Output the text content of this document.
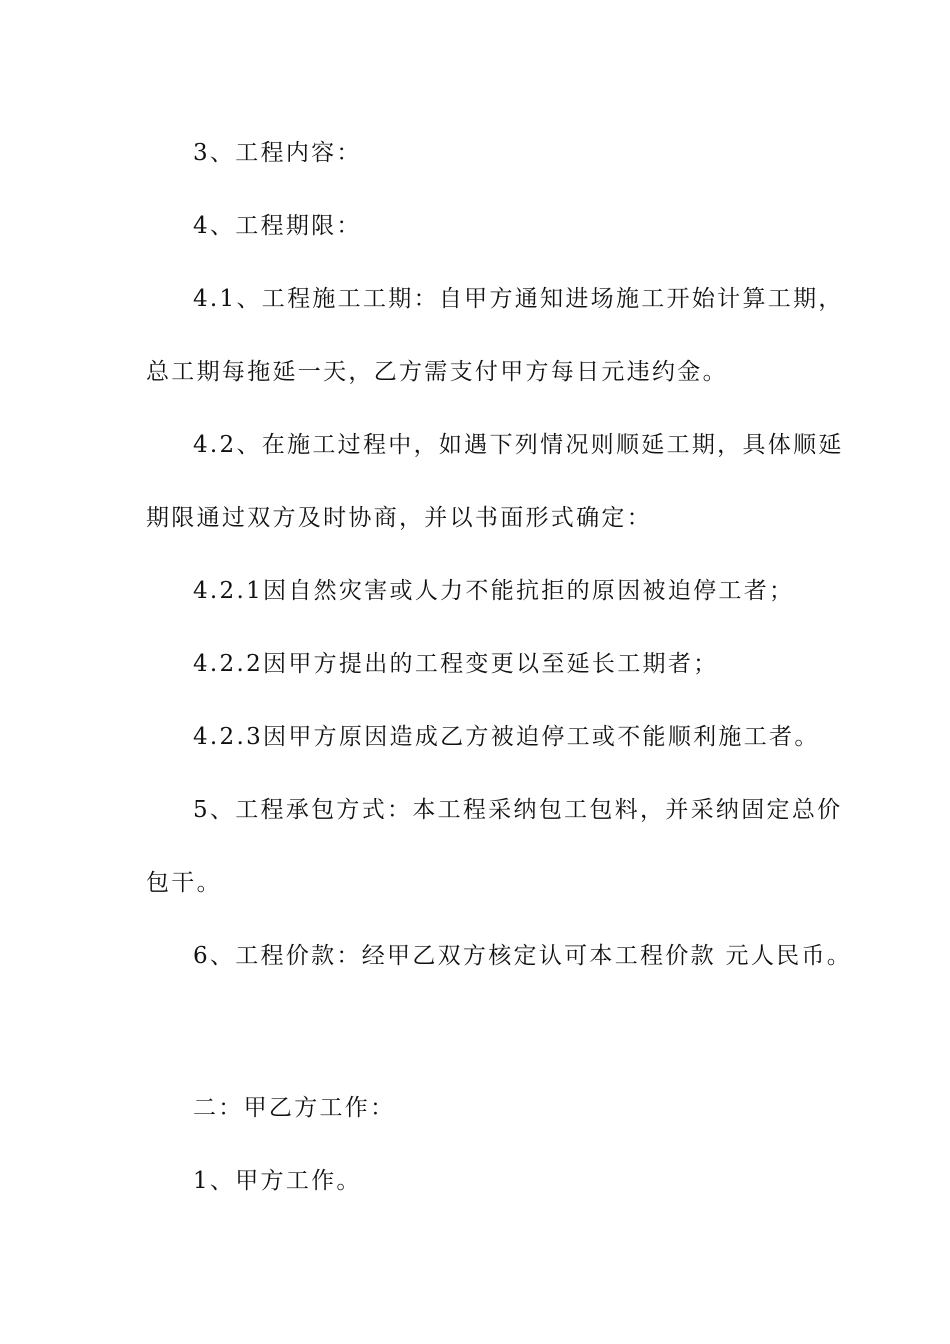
3、工程内容：
4、工程期限：
4.1、工程施工工期：自甲方通知进场施工开始计算工期，
总工期每拖延一天，乙方需支付甲方每日元违约金。
4.2、在施工过程中，如遇下列情况则顺延工期，具体顺延
期限通过双方及时协商，并以书面形式确定：
4.2.1因自然灾害或人力不能抗拒的原因被迫停工者；
4.2.2因甲方提出的工程变更以至延长工期者；
4.2.3因甲方原因造成乙方被迫停工或不能顺利施工者。
5、工程承包方式：本工程采纳包工包料，并采纳固定总价
包干。
6、工程价款：经甲乙双方核定认可本工程价款 元人民币。
二：甲乙方工作：
1、甲方工作。
